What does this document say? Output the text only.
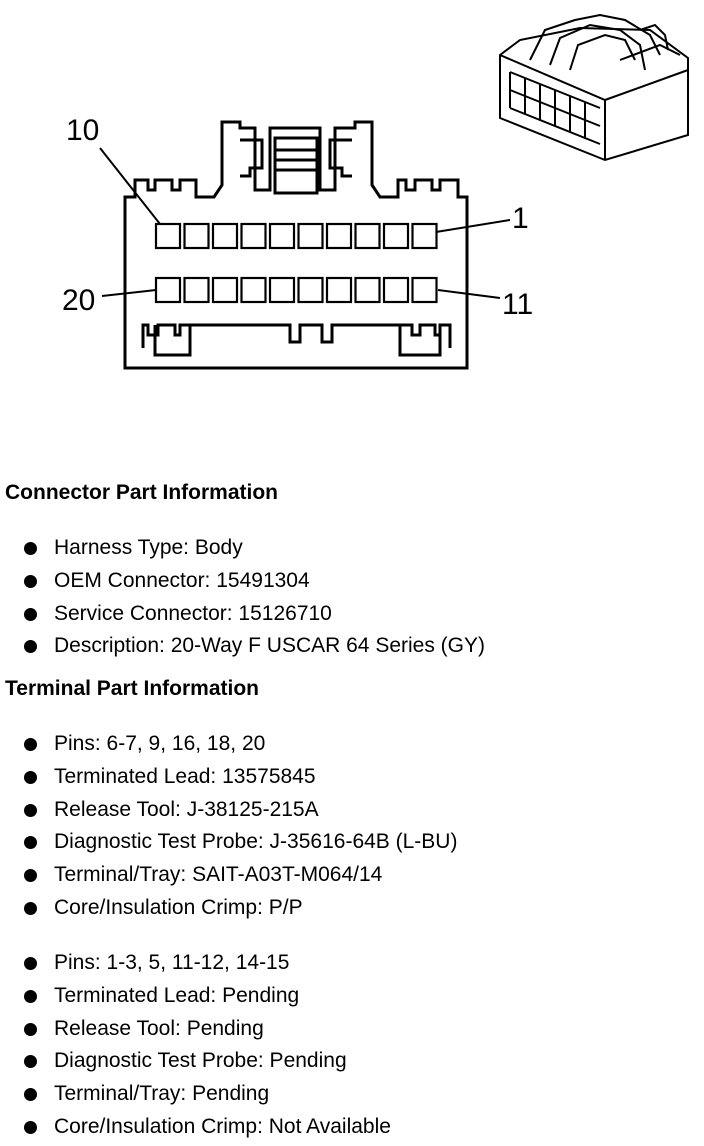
10
1
20	11
Connector Part Information
Harness Type: Body
OEM Connector: 15491304
Service Connector: 15126710
Description: 20-Way F USCAR 64 Series (GY)
Terminal Part Information
Pins: 6-7, 9, 16, 18, 20
Terminated Lead: 13575845
Release Tool: J-38125-215A
Diagnostic Test Probe: J-35616-64B (L-BU)
Terminal/Tray: SAIT-A03T-M064/14
Core/Insulation Crimp: P/P
Pins: 1-3, 5, 11-12, 14-15
Terminated Lead: Pending
Release Tool: Pending
Diagnostic Test Probe: Pending
Terminal/Tray: Pending
Core/Insulation Crimp: Not Available
